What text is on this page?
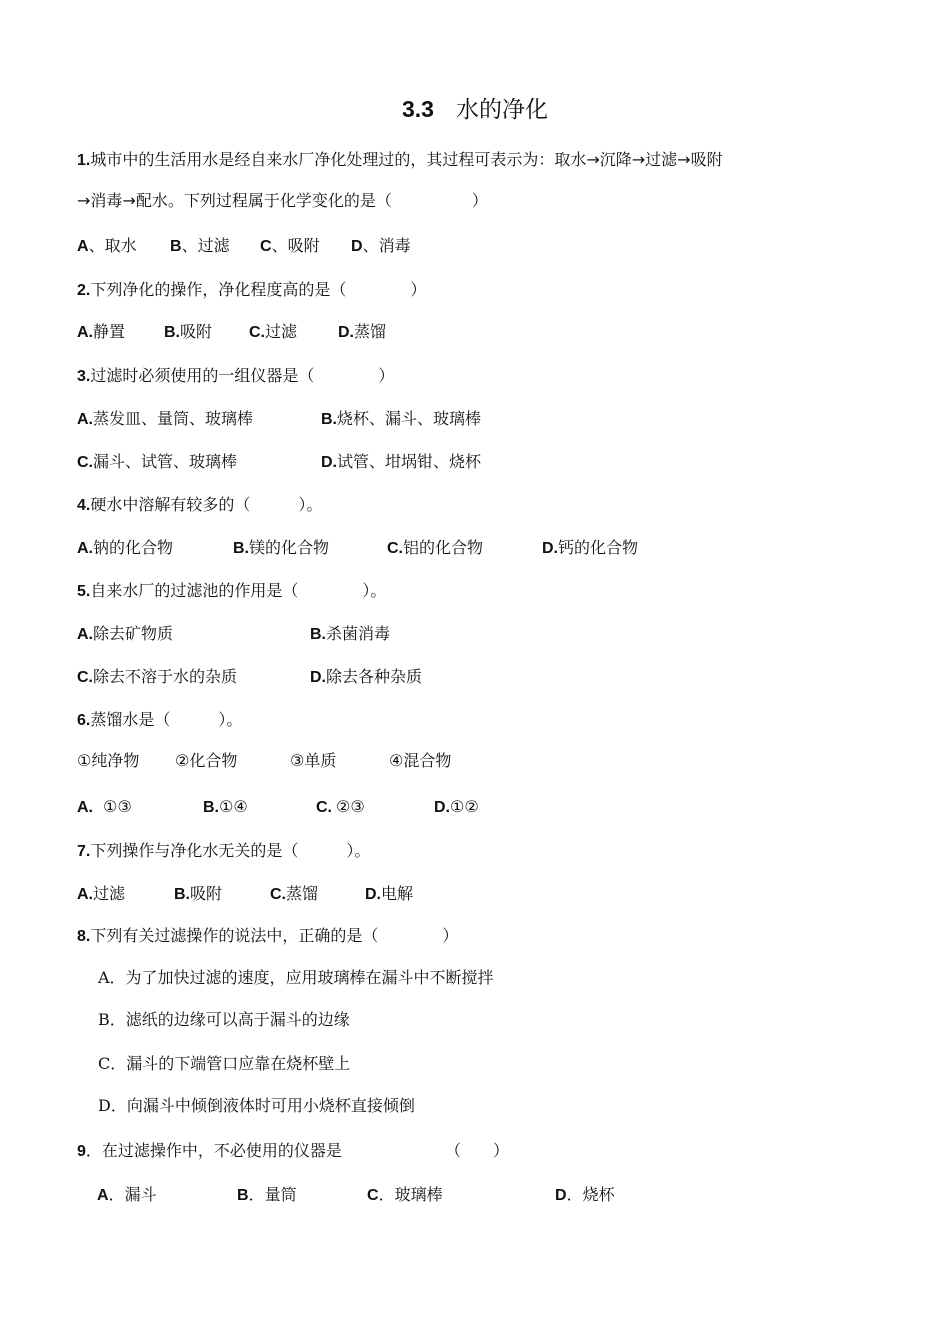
3.3 水的净化
1.城市中的生活用水是经自来水厂净化处理过的，其过程可表示为：取水→沉降→过滤→吸附
→消毒→配水。下列过程属于化学变化的是（　　　　　）
A、取水 B、过滤 C、吸附 D、消毒
2.下列净化的操作，净化程度高的是（　　　　）
A.静置 B.吸附 C.过滤	D.蒸馏
3.过滤时必须使用的一组仪器是（　　　　）
A.蒸发皿、量筒、玻璃棒	B.烧杯、漏斗、玻璃棒
C.漏斗、试管、玻璃棒	D.试管、坩埚钳、烧杯
4.硬水中溶解有较多的（　　　）。
A.钠的化合物	B.镁的化合物	C.铝的化合物	D.钙的化合物
5.自来水厂的过滤池的作用是（　　　　）。
A.除去矿物质	B.杀菌消毒
C.除去不溶于水的杂质	D.除去各种杂质
6.蒸馏水是（　　　）。
①纯净物 ②化合物	③单质	④混合物
A. ①③	B.①④	C. ②③	D.①②
7.下列操作与净化水无关的是（　　　）。
A.过滤	B.吸附	C.蒸馏	D.电解
8.下列有关过滤操作的说法中，正确的是（　　　　）
A．为了加快过滤的速度，应用玻璃棒在漏斗中不断搅拌
B．滤纸的边缘可以高于漏斗的边缘
C．漏斗的下端管口应靠在烧杯壁上
D．向漏斗中倾倒液体时可用小烧杯直接倾倒
9．在过滤操作中，不必使用的仪器是	（　　）
A．漏斗	B．量筒	C．玻璃棒	D．烧杯
